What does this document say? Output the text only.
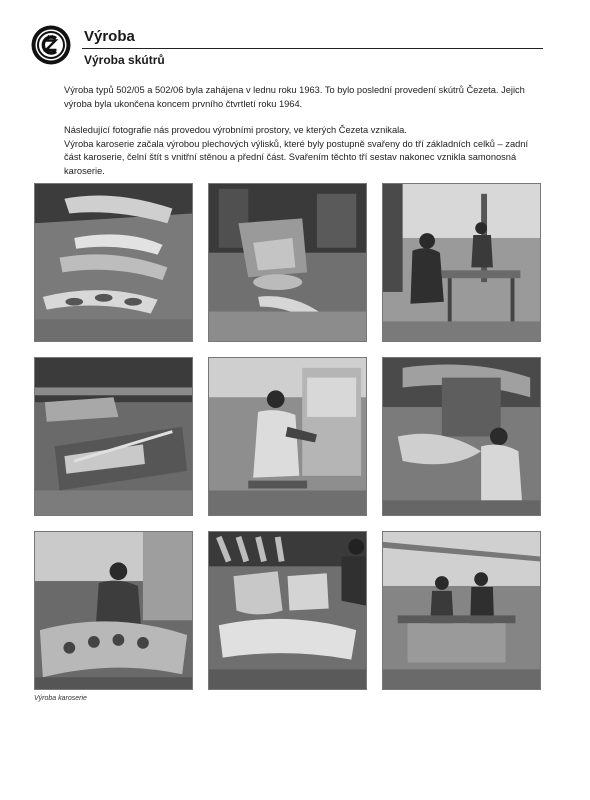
Výroba
Výroba skútrů

Výroba typů 502/05 a 502/06 byla zahájena v lednu roku 1963. To bylo poslední provedení skútrů Čezeta. Jejich výroba byla ukončena koncem prvního čtvrtletí roku 1964.

Následující fotografie nás provedou výrobními prostory, ve kterých Čezeta vznikala.

Výroba karoserie začala výrobou plechových výlisků, které byly postupně svařeny do tří základních celků – zadní část karoserie, čelní štít s vnitřní stěnou a přední část. Svařením těchto tří sestav nakonec vznikla samonosná karoserie.

Výroba karoserie
